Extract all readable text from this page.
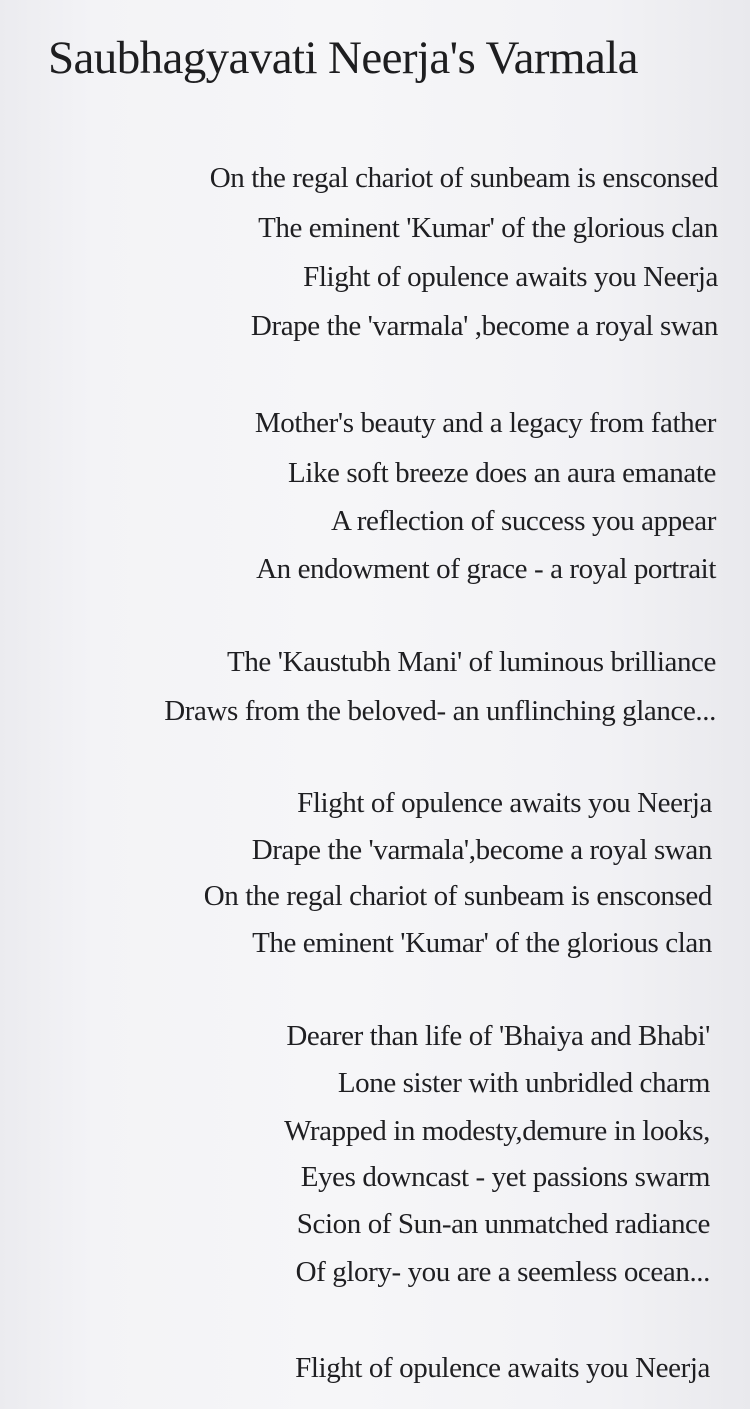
Saubhagyavati Neerja's Varmala
On the regal chariot of sunbeam is ensconsed
The eminent 'Kumar' of the glorious clan
Flight of opulence awaits you Neerja
Drape the 'varmala' ,become a royal swan
Mother's beauty and a legacy from father
Like soft breeze does an aura emanate
A reflection of success you appear
An endowment of grace - a royal portrait
The 'Kaustubh Mani' of luminous brilliance
Draws from the beloved- an unflinching glance...
Flight of opulence awaits you Neerja
Drape the 'varmala',become a royal swan
On the regal chariot of sunbeam is ensconsed
The eminent 'Kumar' of the glorious clan
Dearer than life of 'Bhaiya and Bhabi'
Lone sister with unbridled charm
Wrapped in modesty,demure in looks,
Eyes downcast - yet passions swarm
Scion of Sun-an unmatched radiance
Of glory- you are a seemless ocean...
Flight of opulence awaits you Neerja
